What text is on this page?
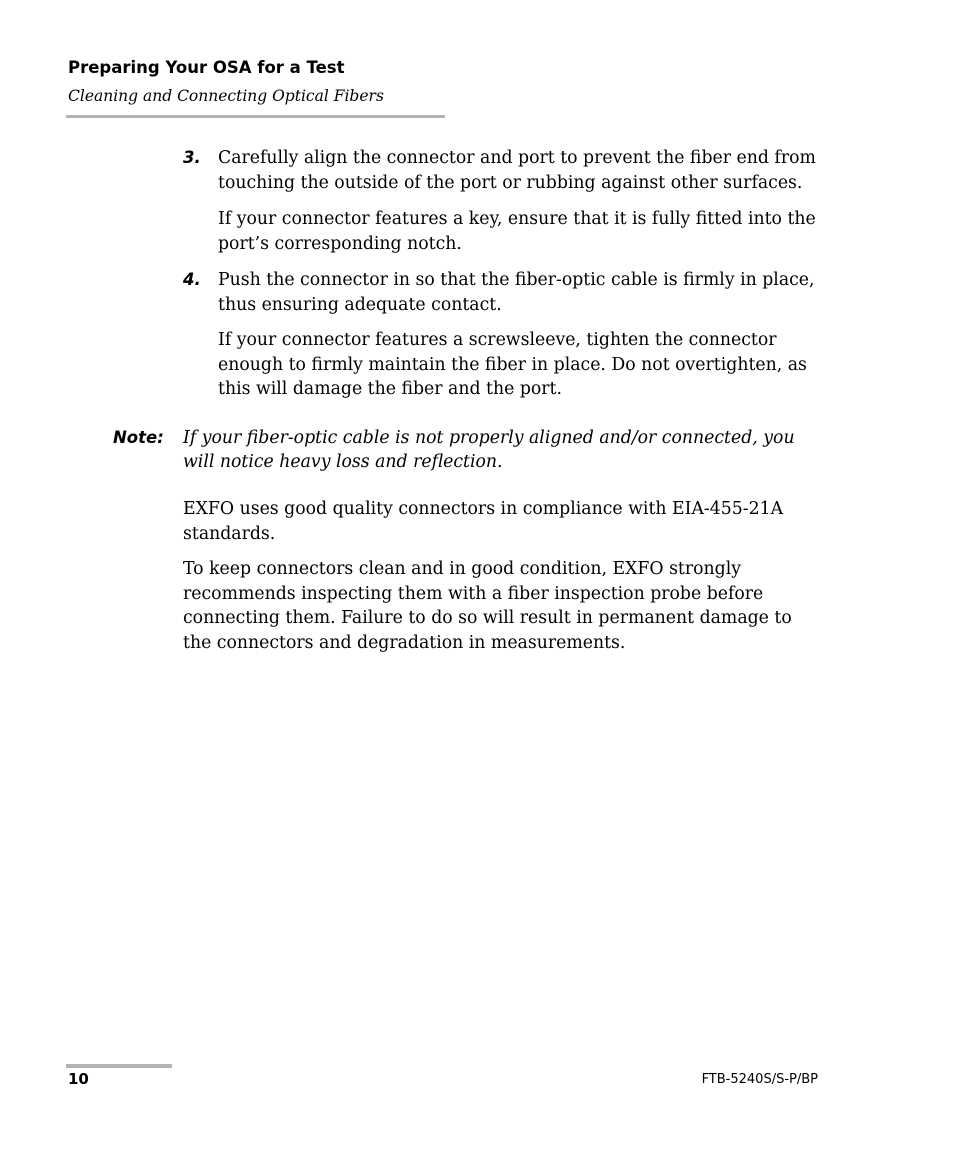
Preparing Your OSA for a Test
Cleaning and Connecting Optical Fibers
3. Carefully align the connector and port to prevent the fiber end from touching the outside of the port or rubbing against other surfaces.
If your connector features a key, ensure that it is fully fitted into the port’s corresponding notch.
4. Push the connector in so that the fiber-optic cable is firmly in place, thus ensuring adequate contact.
If your connector features a screwsleeve, tighten the connector enough to firmly maintain the fiber in place. Do not overtighten, as this will damage the fiber and the port.
Note: If your fiber-optic cable is not properly aligned and/or connected, you will notice heavy loss and reflection.
EXFO uses good quality connectors in compliance with EIA-455-21A standards.
To keep connectors clean and in good condition, EXFO strongly recommends inspecting them with a fiber inspection probe before connecting them. Failure to do so will result in permanent damage to the connectors and degradation in measurements.
10	FTB-5240S/S-P/BP
